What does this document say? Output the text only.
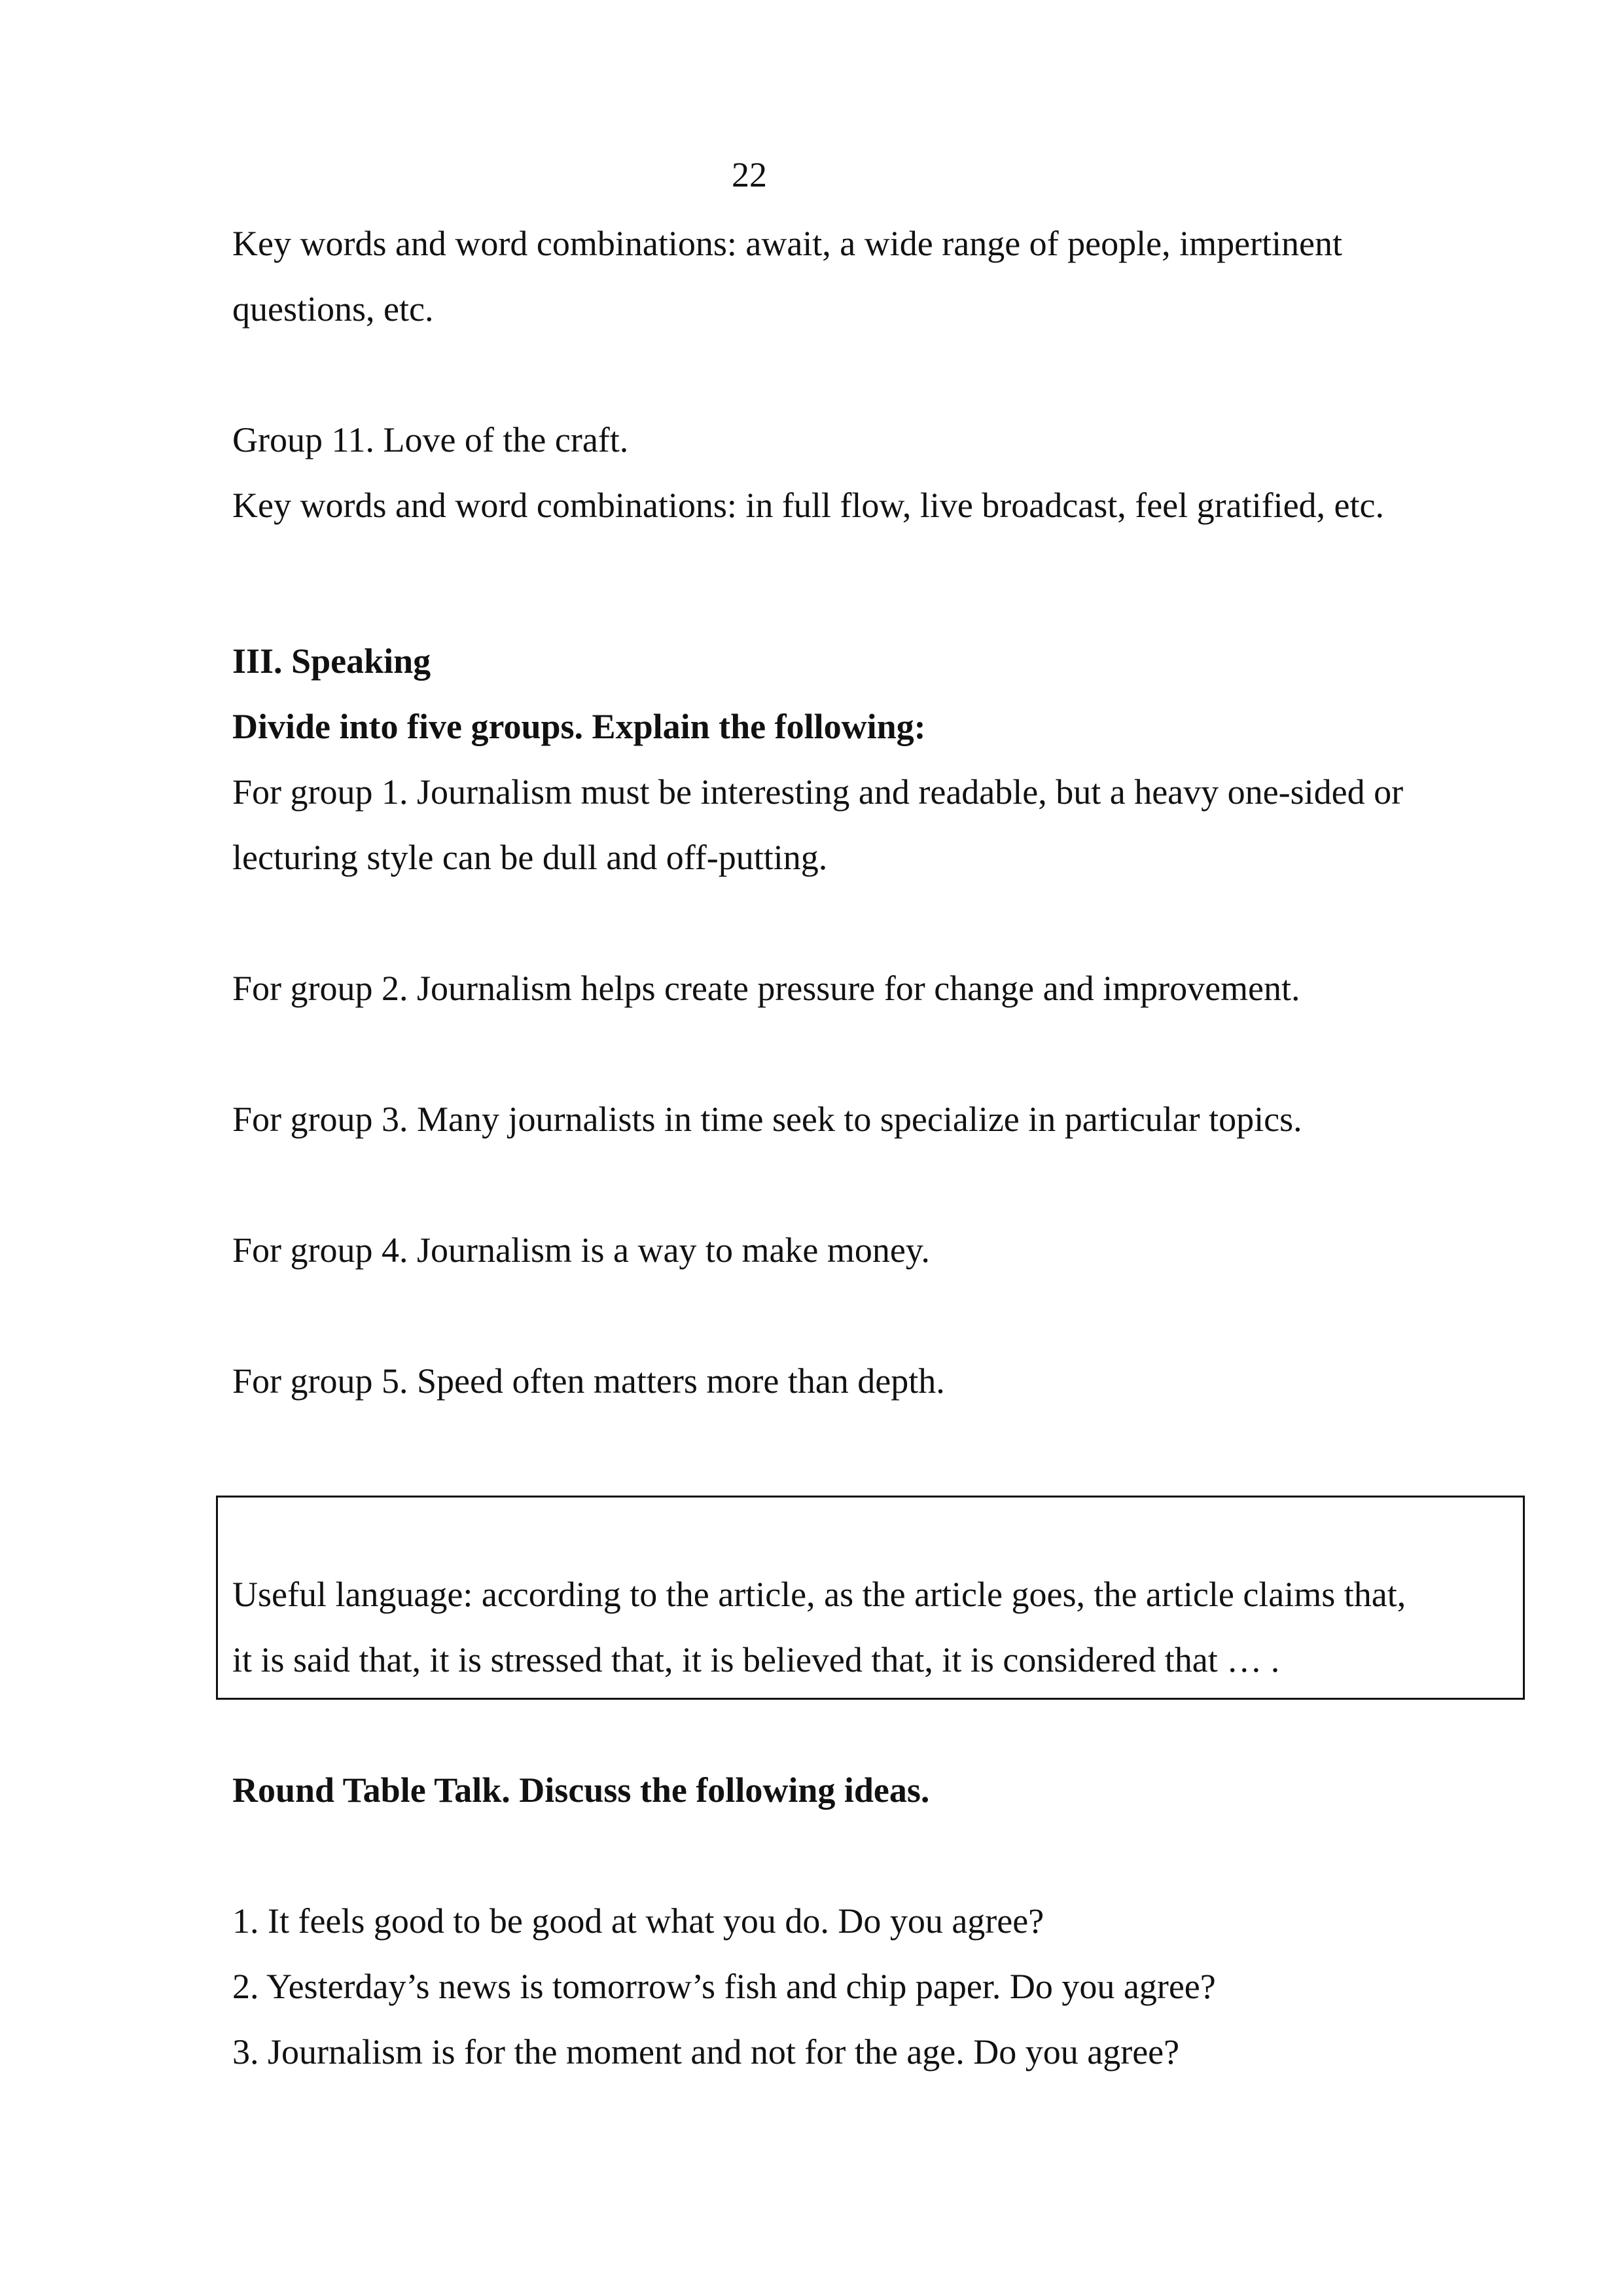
22
Key words and word combinations: await, a wide range of people, impertinent
questions, etc.
Group 11. Love of the craft.
Key words and word combinations: in full flow, live broadcast, feel gratified, etc.
III. Speaking
Divide into five groups. Explain the following:
For group 1. Journalism must be interesting and readable, but a heavy one-sided or
lecturing style can be dull and off-putting.
For group 2. Journalism helps create pressure for change and improvement.
For group 3. Many journalists in time seek to specialize in particular topics.
For group 4. Journalism is a way to make money.
For group 5. Speed often matters more than depth.
Useful language: according to the article, as the article goes, the article claims that,
it is said that, it is stressed that, it is believed that, it is considered that … .
Round Table Talk. Discuss the following ideas.
1. It feels good to be good at what you do. Do you agree?
2. Yesterday’s news is tomorrow’s fish and chip paper. Do you agree?
3. Journalism is for the moment and not for the age. Do you agree?
